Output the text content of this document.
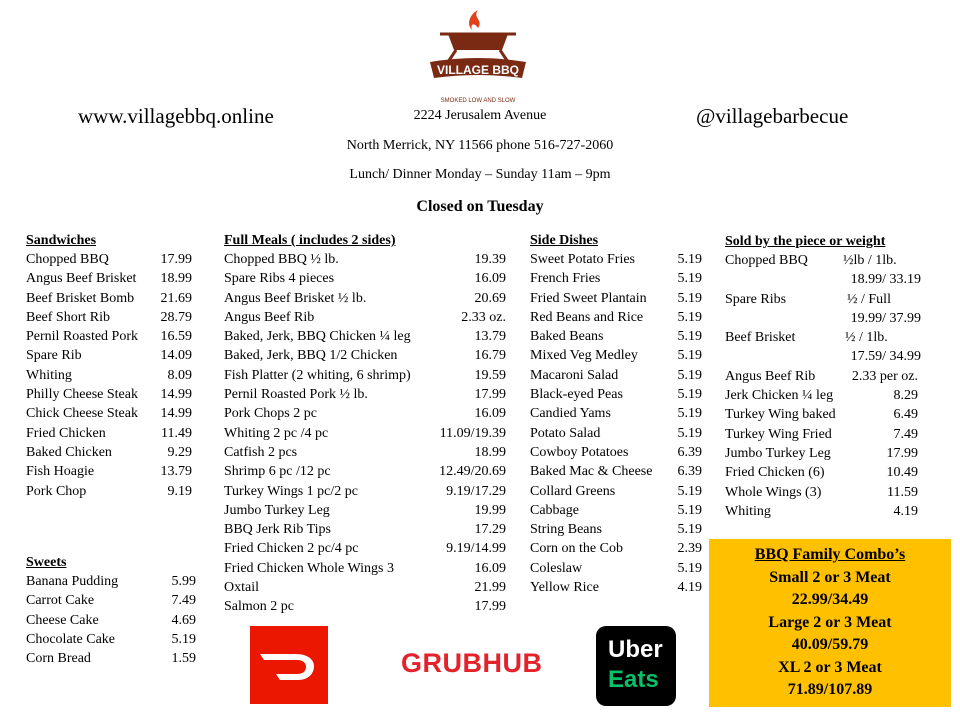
VILLAGE BBQ
SMOKED LOW AND SLOW
www.villagebbq.online	@villagebarbecue
2224 Jerusalem Avenue
North Merrick, NY 11566 phone 516-727-2060
Lunch/ Dinner Monday – Sunday 11am – 9pm
Closed on Tuesday
Sandwiches
Chopped BBQ	17.99
Angus Beef Brisket 18.99
Beef Brisket Bomb 21.69
Beef Short Rib	28.79
Pernil Roasted Pork 16.59
Spare Rib	14.09
Whiting	8.09
Philly Cheese Steak 14.99
Chick Cheese Steak 14.99
Fried Chicken	11.49
Baked Chicken	9.29
Fish Hoagie	13.79
Pork Chop	9.19
Sweets
Banana Pudding	5.99
Carrot Cake	7.49
Cheese Cake	4.69
Chocolate Cake	5.19
Corn Bread	1.59
Full Meals ( includes 2 sides)
Chopped BBQ ½ lb.	19.39
Spare Ribs 4 pieces	16.09
Angus Beef Brisket ½ lb.	20.69
Angus Beef Rib	2.33 oz.
Baked, Jerk, BBQ Chicken ¼ leg	13.79
Baked, Jerk, BBQ 1/2 Chicken	16.79
Fish Platter (2 whiting, 6 shrimp)	19.59
Pernil Roasted Pork ½ lb.	17.99
Pork Chops 2 pc	16.09
Whiting 2 pc /4 pc	11.09/19.39
Catfish 2 pcs	18.99
Shrimp 6 pc /12 pc	12.49/20.69
Turkey Wings 1 pc/2 pc	9.19/17.29
Jumbo Turkey Leg	19.99
BBQ Jerk Rib Tips	17.29
Fried Chicken 2 pc/4 pc	9.19/14.99
Fried Chicken Whole Wings 3	16.09
Oxtail	21.99
Salmon 2 pc	17.99
Side Dishes
Sweet Potato Fries	5.19
French Fries	5.19
Fried Sweet Plantain 5.19
Red Beans and Rice 5.19
Baked Beans	5.19
Mixed Veg Medley	5.19
Macaroni Salad	5.19
Black-eyed Peas	5.19
Candied Yams	5.19
Potato Salad	5.19
Cowboy Potatoes	6.39
Baked Mac & Cheese 6.39
Collard Greens	5.19
Cabbage	5.19
String Beans	5.19
Corn on the Cob	2.39
Coleslaw	5.19
Yellow Rice	4.19
Sold by the piece or weight
Chopped BBQ	½lb / 1lb.
18.99/ 33.19
Spare Ribs	½ / Full
19.99/ 37.99
Beef Brisket	½ / 1lb.
17.59/ 34.99
Angus Beef Rib	2.33 per oz.
Jerk Chicken ¼ leg	8.29
Turkey Wing baked	6.49
Turkey Wing Fried	7.49
Jumbo Turkey Leg	17.99
Fried Chicken (6)	10.49
Whole Wings (3)	11.59
Whiting	4.19
BBQ Family Combo’s
Small 2 or 3 Meat
22.99/34.49
Large 2 or 3 Meat
40.09/59.79
XL 2 or 3 Meat
71.89/107.89
GRUBHUB	Uber
Eats
